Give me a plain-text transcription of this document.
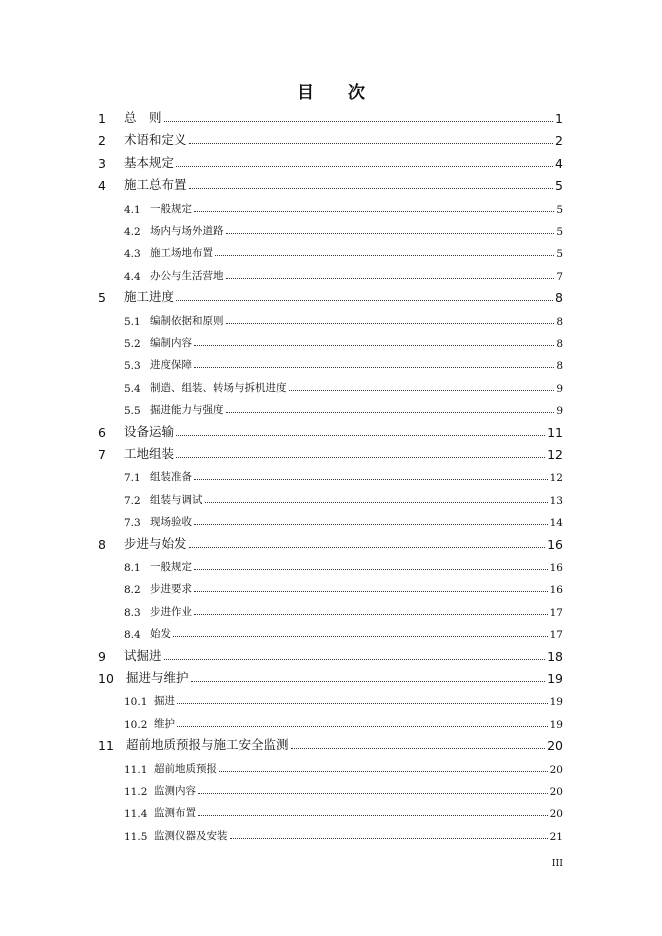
目 次
1	总　则	1
2	术语和定义	2
3	基本规定	4
4	施工总布置	5
4.1 一般规定	5
4.2 场内与场外道路	5
4.3 施工场地布置	5
4.4 办公与生活营地	7
5	施工进度	8
5.1 编制依据和原则	8
5.2 编制内容	8
5.3 进度保障	8
5.4 制造、组装、转场与拆机进度	9
5.5 掘进能力与强度	9
6	设备运输	11
7	工地组装	12
7.1 组装准备	12
7.2 组装与调试	13
7.3 现场验收	14
8	步进与始发	16
8.1 一般规定	16
8.2 步进要求	16
8.3 步进作业	17
8.4 始发	17
9	试掘进	18
10 掘进与维护	19
10.1 掘进	19
10.2 维护	19
11 超前地质预报与施工安全监测	20
11.1 超前地质预报	20
11.2 监测内容	20
11.4 监测布置	20
11.5 监测仪器及安装	21
III
